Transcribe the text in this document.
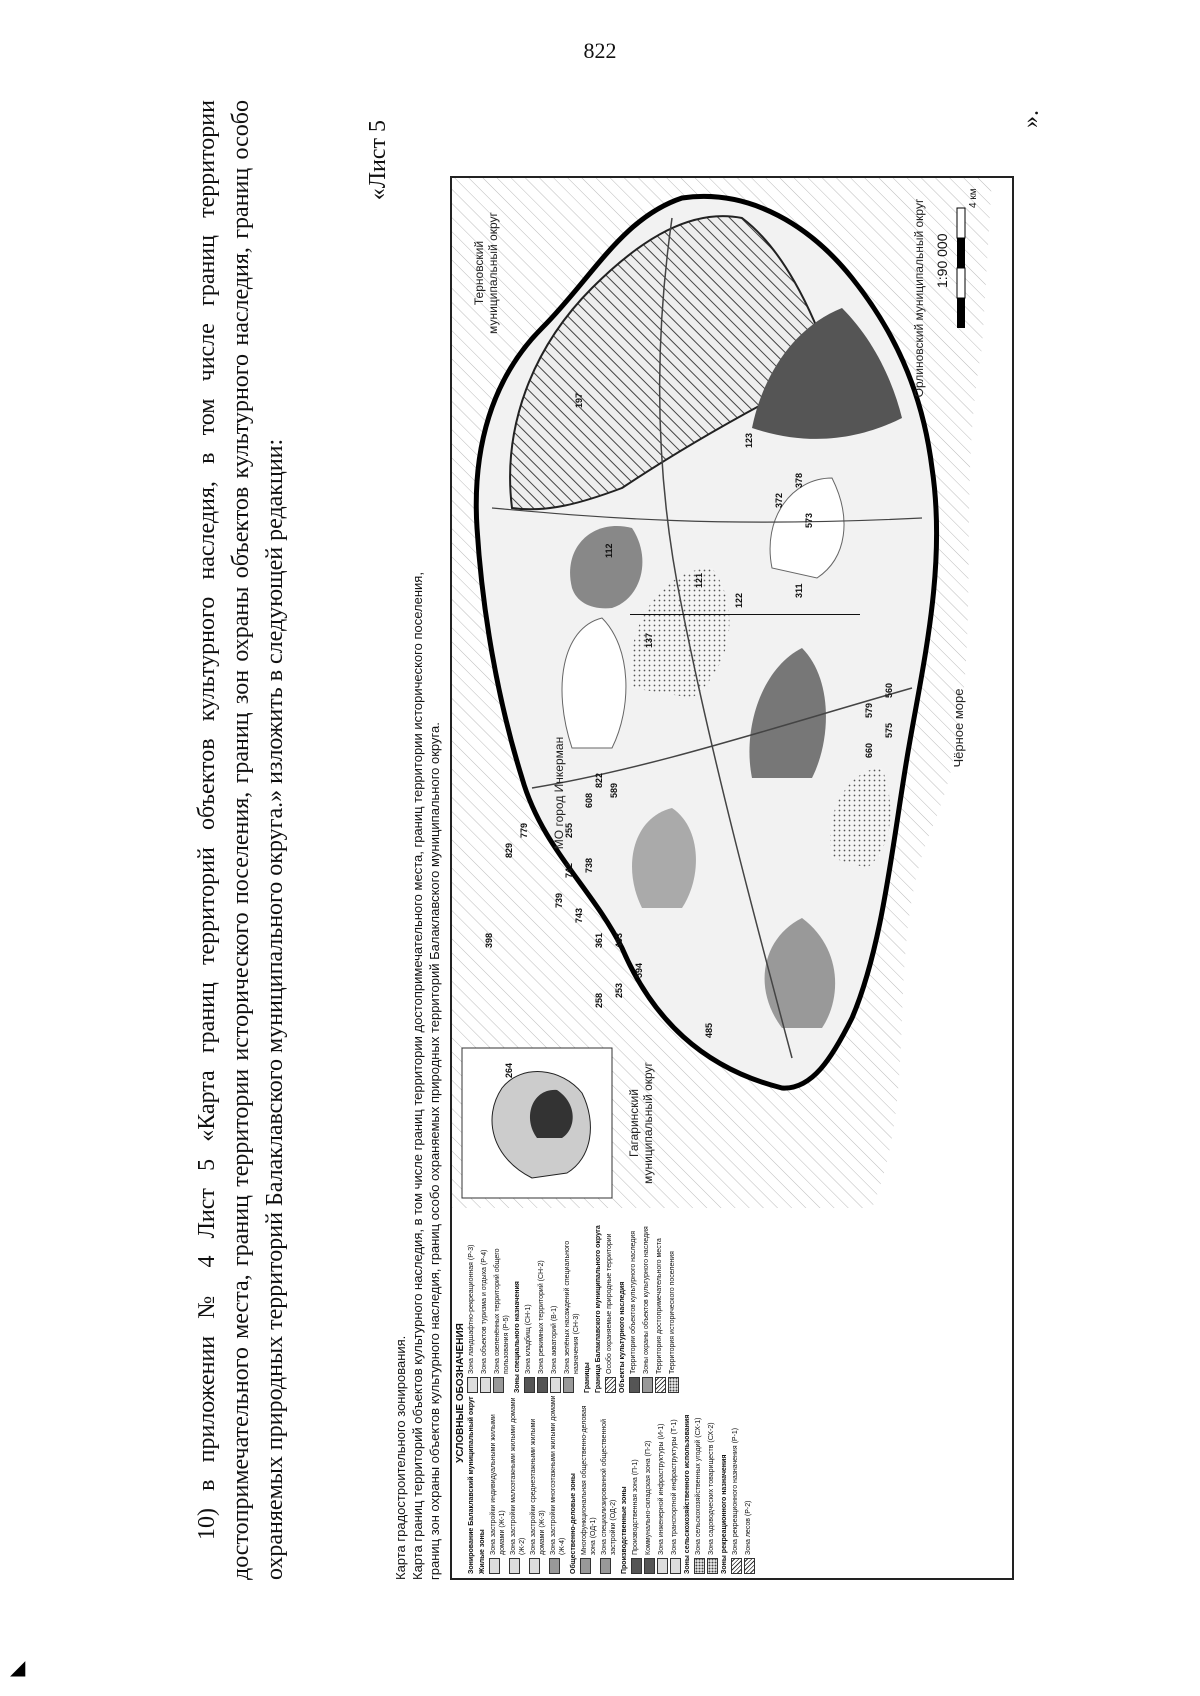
822

10) в приложении № 4 Лист 5 «Карта границ территорий объектов культурного наследия, в том числе границ территории достопримечательного места, границ территории исторического поселения, границ зон охраны объектов культурного наследия, границ особо охраняемых природных территорий Балаклавского муниципального округа.» изложить в следующей редакции:

«Лист 5
Карта градостроительного зонирования. Карта границ территорий объектов культурного наследия, в том числе границ территории достопримечательного места, границ территории исторического поселения, границ зон охраны объектов культурного наследия, границ особо охраняемых природных территорий Балаклавского муниципального округа.	УСЛОВНЫЕ ОБОЗНАЧЕНИЯ
Зонирование Балаклавский муниципальный округ Жилые зоны Зона застройки индивидуальными жилыми домами (Ж-1) Зона застройки малоэтажными жилыми домами (Ж-2) Зона застройки среднеэтажными жилыми домами (Ж-3) Зона застройки многоэтажными жилыми домами (Ж-4) Общественно-деловые зоны Многофункциональная общественно-деловая зона (ОД-1) Зона специализированной общественной застройки (ОД-2) Производственные зоны Производственная зона (П-1) Коммунально-складская зона (П-2) Зона инженерной инфраструктуры (И-1) Зона транспортной инфраструктуры (Т-1) Зоны сельскохозяйственного использования Зона сельскохозяйственных угодий (СХ-1) Зона садоводческих товариществ (СХ-2) Зоны рекреационного назначения Зона рекреационного назначения (Р-1) Зона лесов (Р-2)
Зона ландшафтно-рекреационная (Р-3) Зона объектов туризма и отдыха (Р-4) Зона озеленённых территорий общего пользования (Р-5) Зоны специального назначения Зона кладбищ (СН-1) Зона режимных территорий (СН-2) Зона акваторий (В-1) Зона зелёных насаждений специального назначения (СН-3)
Границы Граница Балаклавского муниципального округа Особо охраняемые природные территории Объекты культурного наследия Территории объектов культурного наследия Зоны охраны объектов культурного наследия Территория достопримечательного места Территория исторического поселения
829
779
608
822
589
742 738
255
739
743
361 493
594
258
253
485
264
398
197
112
137
121
122
660
575
579
560
372
378
573
123
311
Гагаринский муниципальный округ
МО город Инкерман
Терновский муниципальный округ	Орлиновский муниципальный округ
Чёрное море
1:90 000
4 км
».
◢
